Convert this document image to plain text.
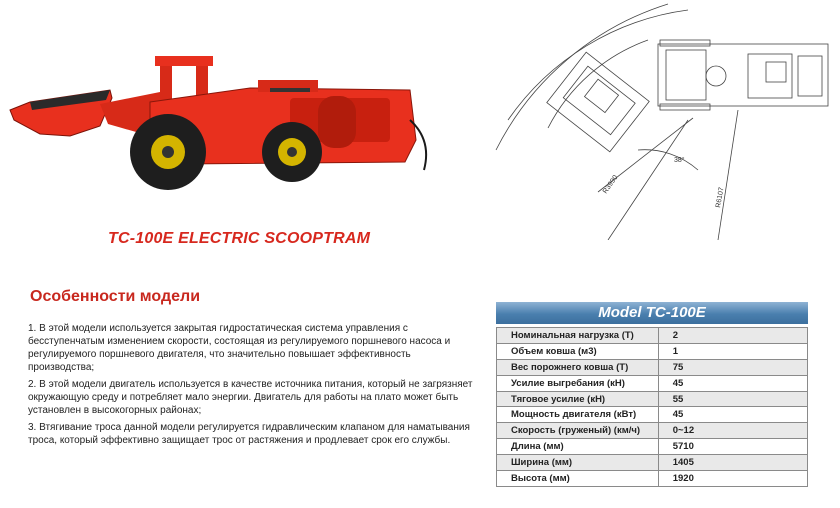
TC-100E ELECTRIC SCOOPTRAM
38°
R3990
R6107
Особенности модели

1. В этой модели используется закрытая гидростатическая система управления с бесступенчатым изменением скорости, состоящая из регулируемого поршневого насоса и регулируемого поршневого двигателя, что значительно повышает эффективность производства;

2. В этой модели двигатель используется в качестве источника питания, который не загрязняет окружающую среду и потребляет мало энергии. Двигатель для работы на плато может быть установлен в высокогорных районах;

3. Втягивание троса данной модели регулируется гидравлическим клапаном для наматывания троса, который эффективно защищает трос от растяжения и продлевает срок его службы.

Model TC-100E
Номинальная нагрузка (T)	2
Объем ковша (м3)	1
Вес порожнего ковша (T)	75
Усилие выгребания (кН)	45
Тяговое усилие (кН)	55
Мощность двигателя (кВт)	45
Скорость (груженый) (км/ч)	0~12
Длина (мм)	5710
Ширина (мм)	1405
Высота (мм)	1920
